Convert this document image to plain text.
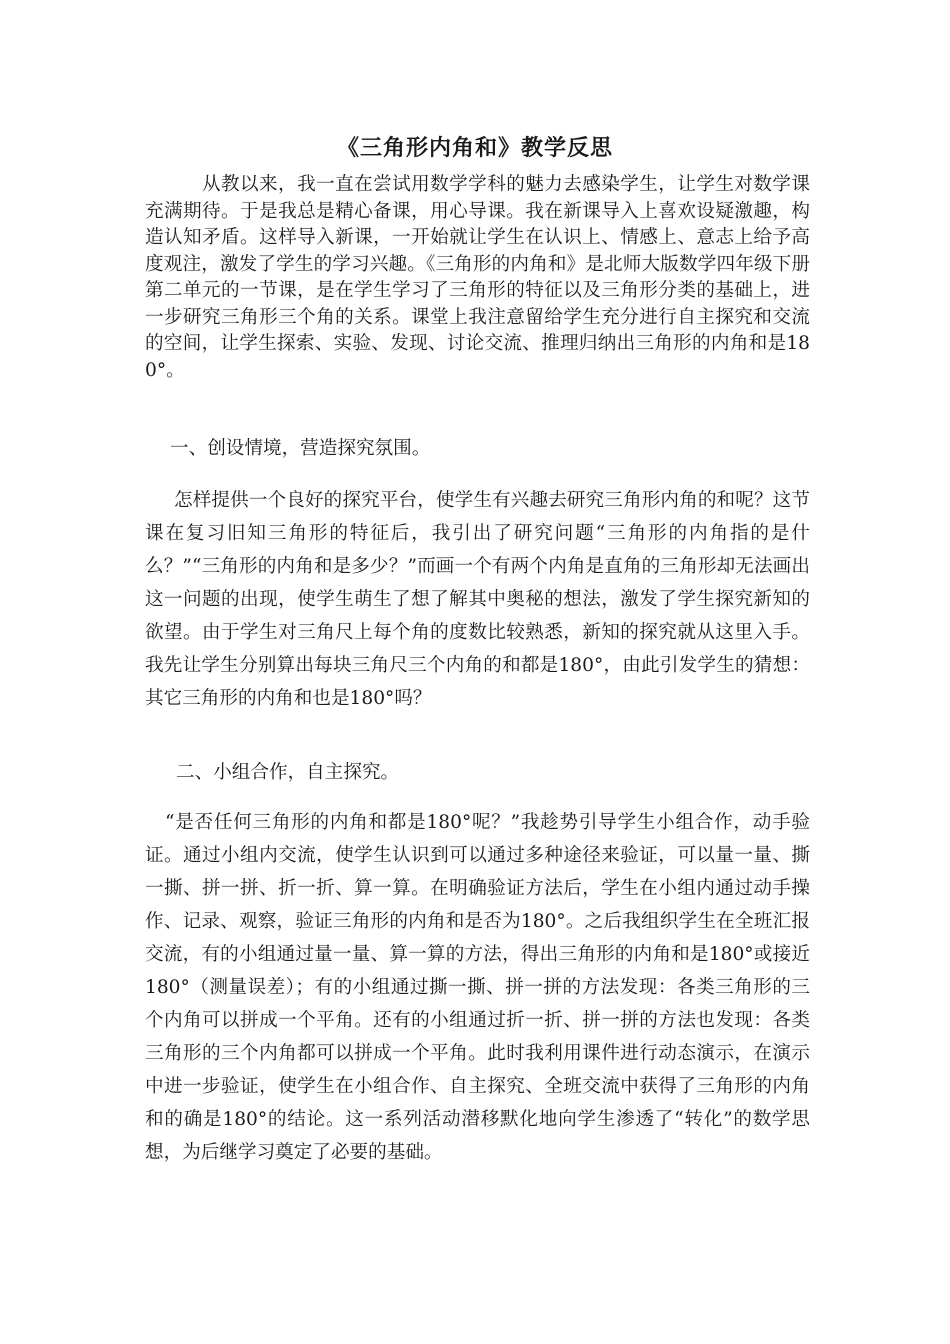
《三角形内角和》教学反思

从教以来，我一直在尝试用数学学科的魅力去感染学生，让学生对数学课充满期待。于是我总是精心备课，用心导课。我在新课导入上喜欢设疑激趣，构造认知矛盾。这样导入新课，一开始就让学生在认识上、情感上、意志上给予高度观注，激发了学生的学习兴趣。《三角形的内角和》是北师大版数学四年级下册第二单元的一节课，是在学生学习了三角形的特征以及三角形分类的基础上，进一步研究三角形三个角的关系。课堂上我注意留给学生充分进行自主探究和交流的空间，让学生探索、实验、发现、讨论交流、推理归纳出三角形的内角和是180°。

一、创设情境，营造探究氛围。

怎样提供一个良好的探究平台，使学生有兴趣去研究三角形内角的和呢？这节课在复习旧知三角形的特征后，我引出了研究问题“三角形的内角指的是什么？”“三角形的内角和是多少？”而画一个有两个内角是直角的三角形却无法画出这一问题的出现，使学生萌生了想了解其中奥秘的想法，激发了学生探究新知的欲望。由于学生对三角尺上每个角的度数比较熟悉，新知的探究就从这里入手。我先让学生分别算出每块三角尺三个内角的和都是180°，由此引发学生的猜想：其它三角形的内角和也是180°吗？

二、小组合作，自主探究。

“是否任何三角形的内角和都是180°呢？”我趁势引导学生小组合作，动手验证。通过小组内交流，使学生认识到可以通过多种途径来验证，可以量一量、撕一撕、拼一拼、折一折、算一算。在明确验证方法后，学生在小组内通过动手操作、记录、观察，验证三角形的内角和是否为180°。之后我组织学生在全班汇报交流，有的小组通过量一量、算一算的方法，得出三角形的内角和是180°或接近180°（测量误差）；有的小组通过撕一撕、拼一拼的方法发现：各类三角形的三个内角可以拼成一个平角。还有的小组通过折一折、拼一拼的方法也发现：各类三角形的三个内角都可以拼成一个平角。此时我利用课件进行动态演示，在演示中进一步验证，使学生在小组合作、自主探究、全班交流中获得了三角形的内角和的确是180°的结论。这一系列活动潜移默化地向学生渗透了“转化”的数学思想，为后继学习奠定了必要的基础。
